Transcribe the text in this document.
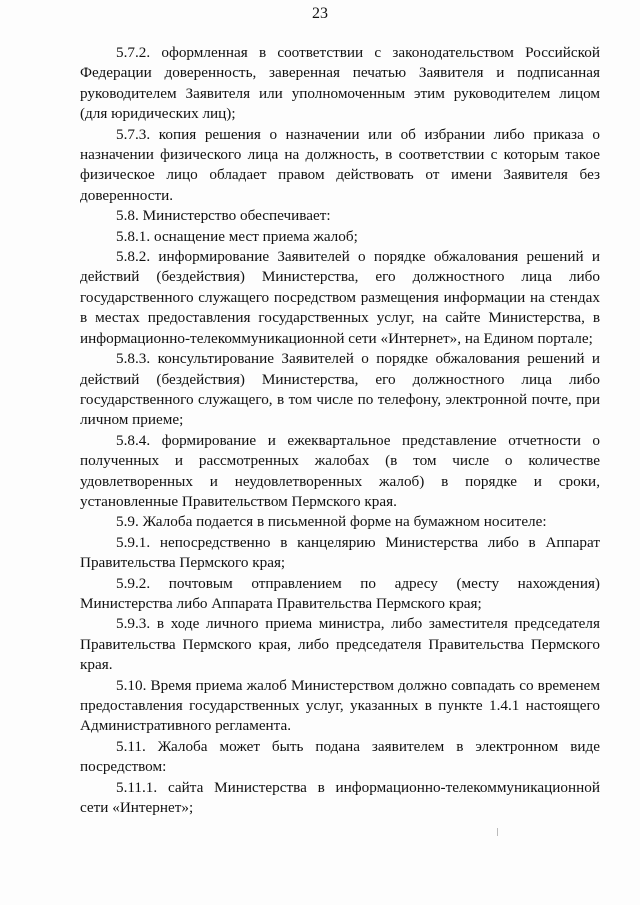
23

5.7.2. оформленная в соответствии с законодательством Российской Федерации доверенность, заверенная печатью Заявителя и подписанная руководителем Заявителя или уполномоченным этим руководителем лицом (для юридических лиц);

5.7.3. копия решения о назначении или об избрании либо приказа о назначении физического лица на должность, в соответствии с которым такое физическое лицо обладает правом действовать от имени Заявителя без доверенности.

5.8. Министерство обеспечивает:

5.8.1. оснащение мест приема жалоб;

5.8.2. информирование Заявителей о порядке обжалования решений и действий (бездействия) Министерства, его должностного лица либо государственного служащего посредством размещения информации на стендах в местах предоставления государственных услуг, на сайте Министерства, в информационно-телекоммуникационной сети «Интернет», на Едином портале;

5.8.3. консультирование Заявителей о порядке обжалования решений и действий (бездействия) Министерства, его должностного лица либо государственного служащего, в том числе по телефону, электронной почте, при личном приеме;

5.8.4. формирование и ежеквартальное представление отчетности о полученных и рассмотренных жалобах (в том числе о количестве удовлетворенных и неудовлетворенных жалоб) в порядке и сроки, установленные Правительством Пермского края.

5.9. Жалоба подается в письменной форме на бумажном носителе:

5.9.1. непосредственно в канцелярию Министерства либо в Аппарат Правительства Пермского края;

5.9.2. почтовым отправлением по адресу (месту нахождения) Министерства либо Аппарата Правительства Пермского края;

5.9.3. в ходе личного приема министра, либо заместителя председателя Правительства Пермского края, либо председателя Правительства Пермского края.

5.10. Время приема жалоб Министерством должно совпадать со временем предоставления государственных услуг, указанных в пункте 1.4.1 настоящего Административного регламента.

5.11. Жалоба может быть подана заявителем в электронном виде посредством:

5.11.1. сайта Министерства в информационно-телекоммуникационной сети «Интернет»;
